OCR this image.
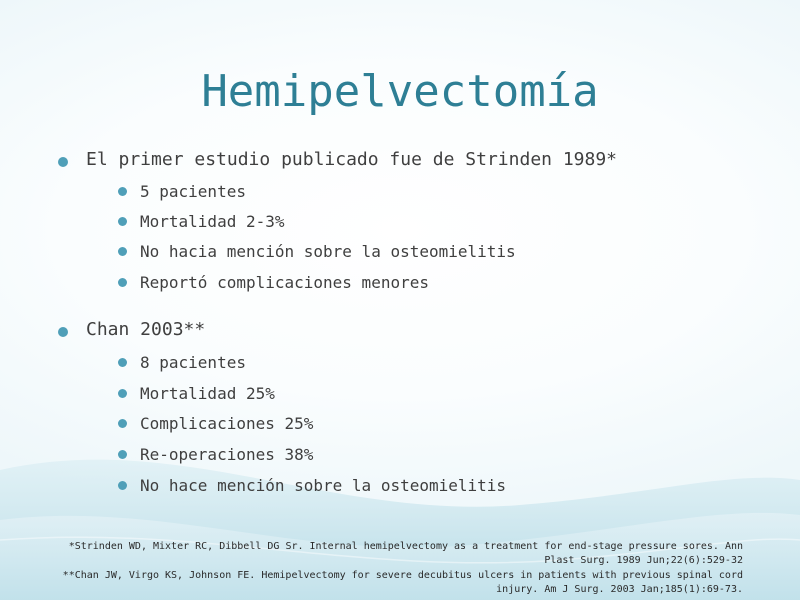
Hemipelvectomía
El primer estudio publicado fue de Strinden 1989*
5 pacientes
Mortalidad 2-3%
No hacia mención sobre la osteomielitis
Reportó complicaciones menores
Chan 2003**
8 pacientes
Mortalidad 25%
Complicaciones 25%
Re-operaciones 38%
No hace mención sobre la osteomielitis
*Strinden WD, Mixter RC, Dibbell DG Sr. Internal hemipelvectomy as a treatment for end-stage pressure sores. Ann Plast Surg. 1989 Jun;22(6):529-32
**Chan JW, Virgo KS, Johnson FE. Hemipelvectomy for severe decubitus ulcers in patients with previous spinal cord injury. Am J Surg. 2003 Jan;185(1):69-73.
